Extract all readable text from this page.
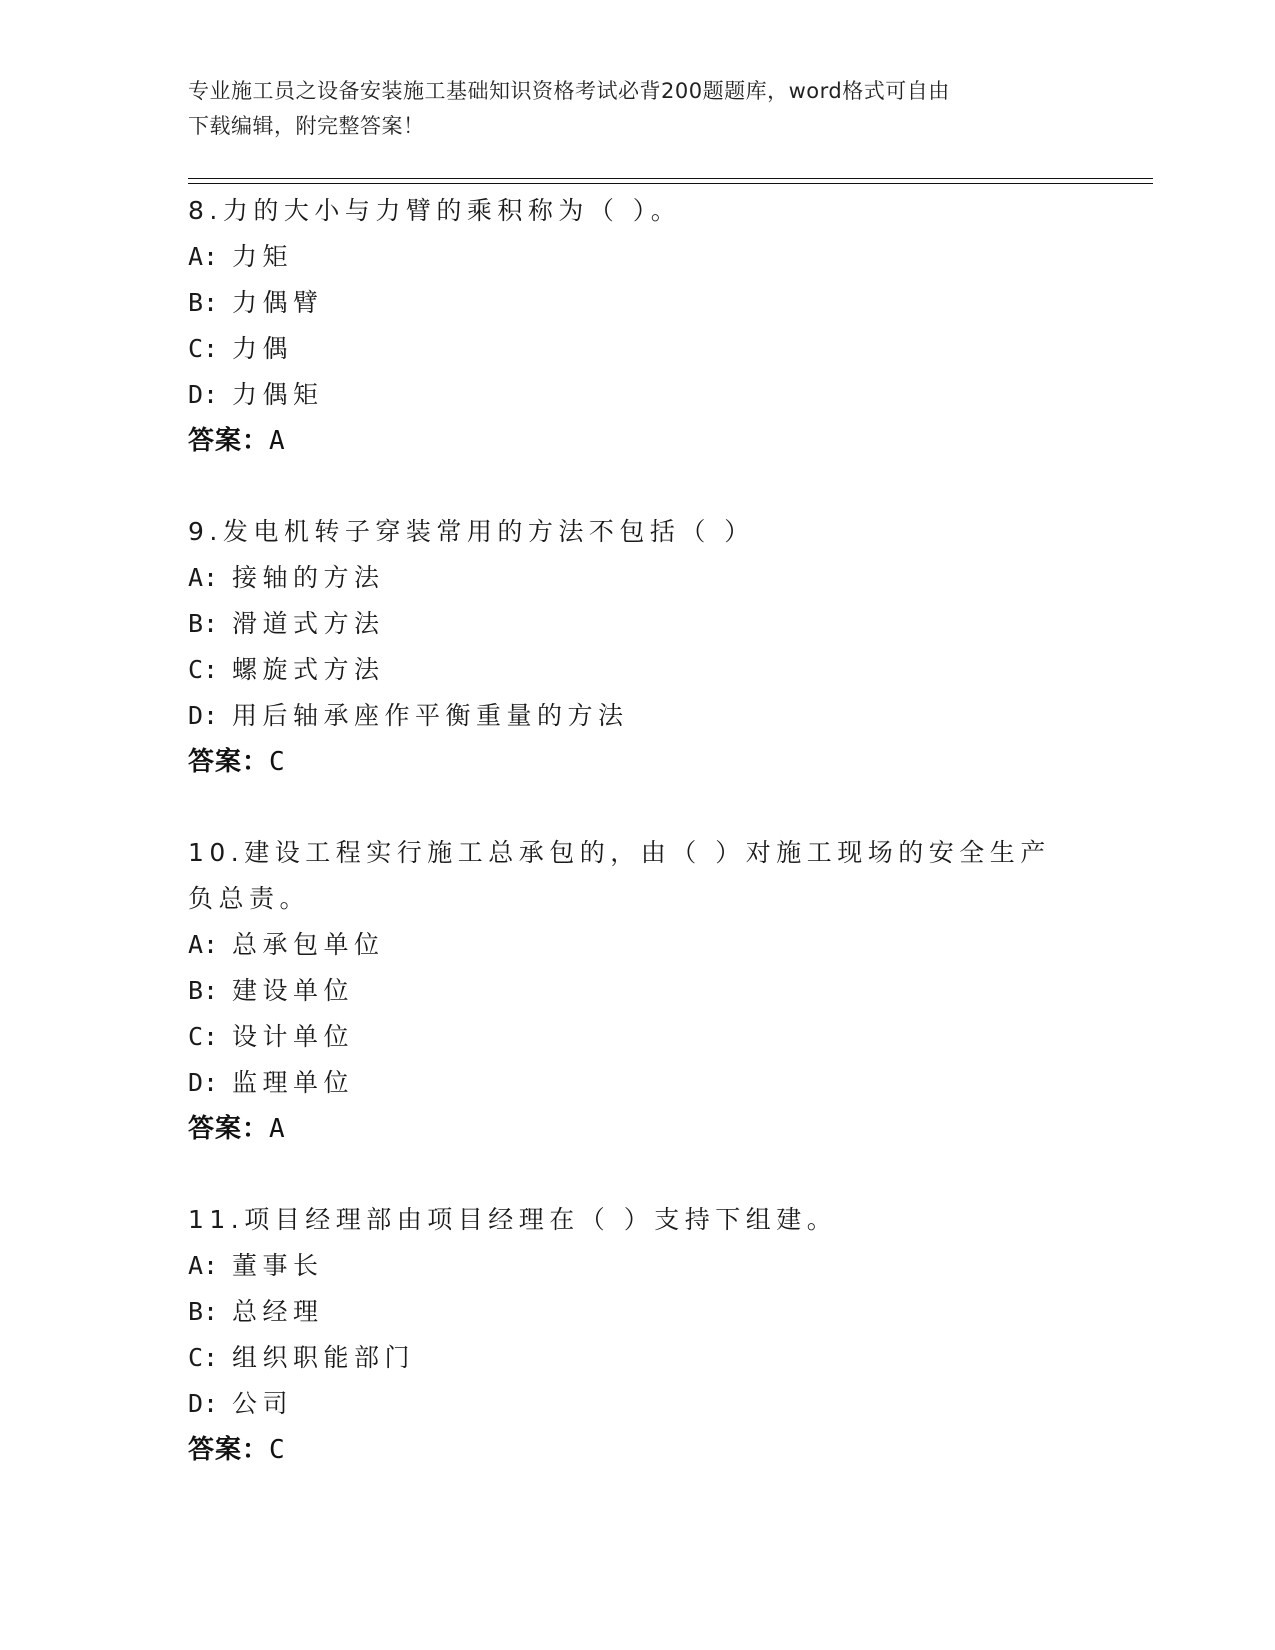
专业施工员之设备安装施工基础知识资格考试必背200题题库，word格式可自由
下载编辑，附完整答案！
8.力的大小与力臂的乘积称为（ ）。
A: 力矩
B: 力偶臂
C: 力偶
D: 力偶矩
答案：A
9.发电机转子穿装常用的方法不包括（ ）
A: 接轴的方法
B: 滑道式方法
C: 螺旋式方法
D: 用后轴承座作平衡重量的方法
答案：C
10.建设工程实行施工总承包的，由（ ）对施工现场的安全生产负总责。
A: 总承包单位
B: 建设单位
C: 设计单位
D: 监理单位
答案：A
11.项目经理部由项目经理在（ ）支持下组建。
A: 董事长
B: 总经理
C: 组织职能部门
D: 公司
答案：C
